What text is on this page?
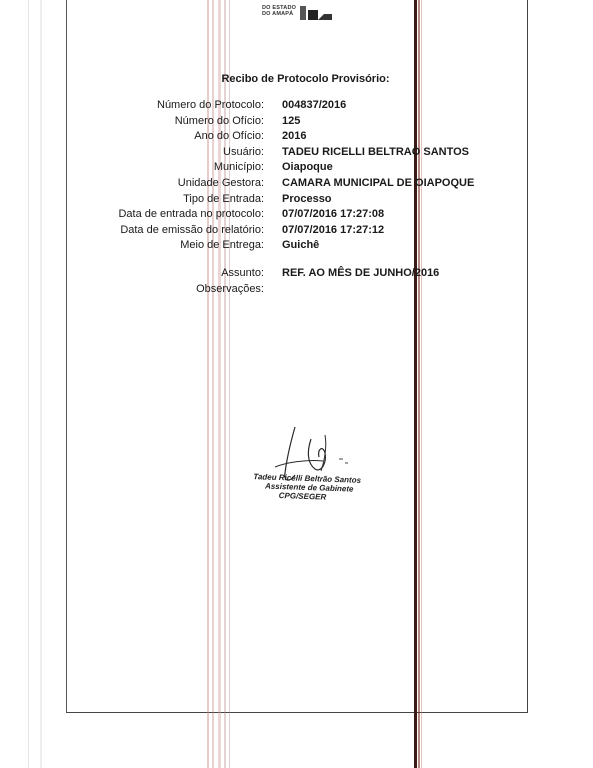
DO ESTADO
DO AMAPÁ
Recibo de Protocolo Provisório:
Número do Protocolo: 004837/2016
Número do Ofício: 125
Ano do Ofício: 2016
Usuário: TADEU RICELLI BELTRAO SANTOS
Município: Oiapoque
Unidade Gestora: CAMARA MUNICIPAL DE OIAPOQUE
Tipo de Entrada: Processo
Data de entrada no protocolo: 07/07/2016 17:27:08
Data de emissão do relatório: 07/07/2016 17:27:12
Meio de Entrega: Guichê
Assunto: REF. AO MÊS DE JUNHO/2016
Observações:
Tadeu Ricelli Beltrão Santos
Assistente de Gabinete
CPG/SEGER
